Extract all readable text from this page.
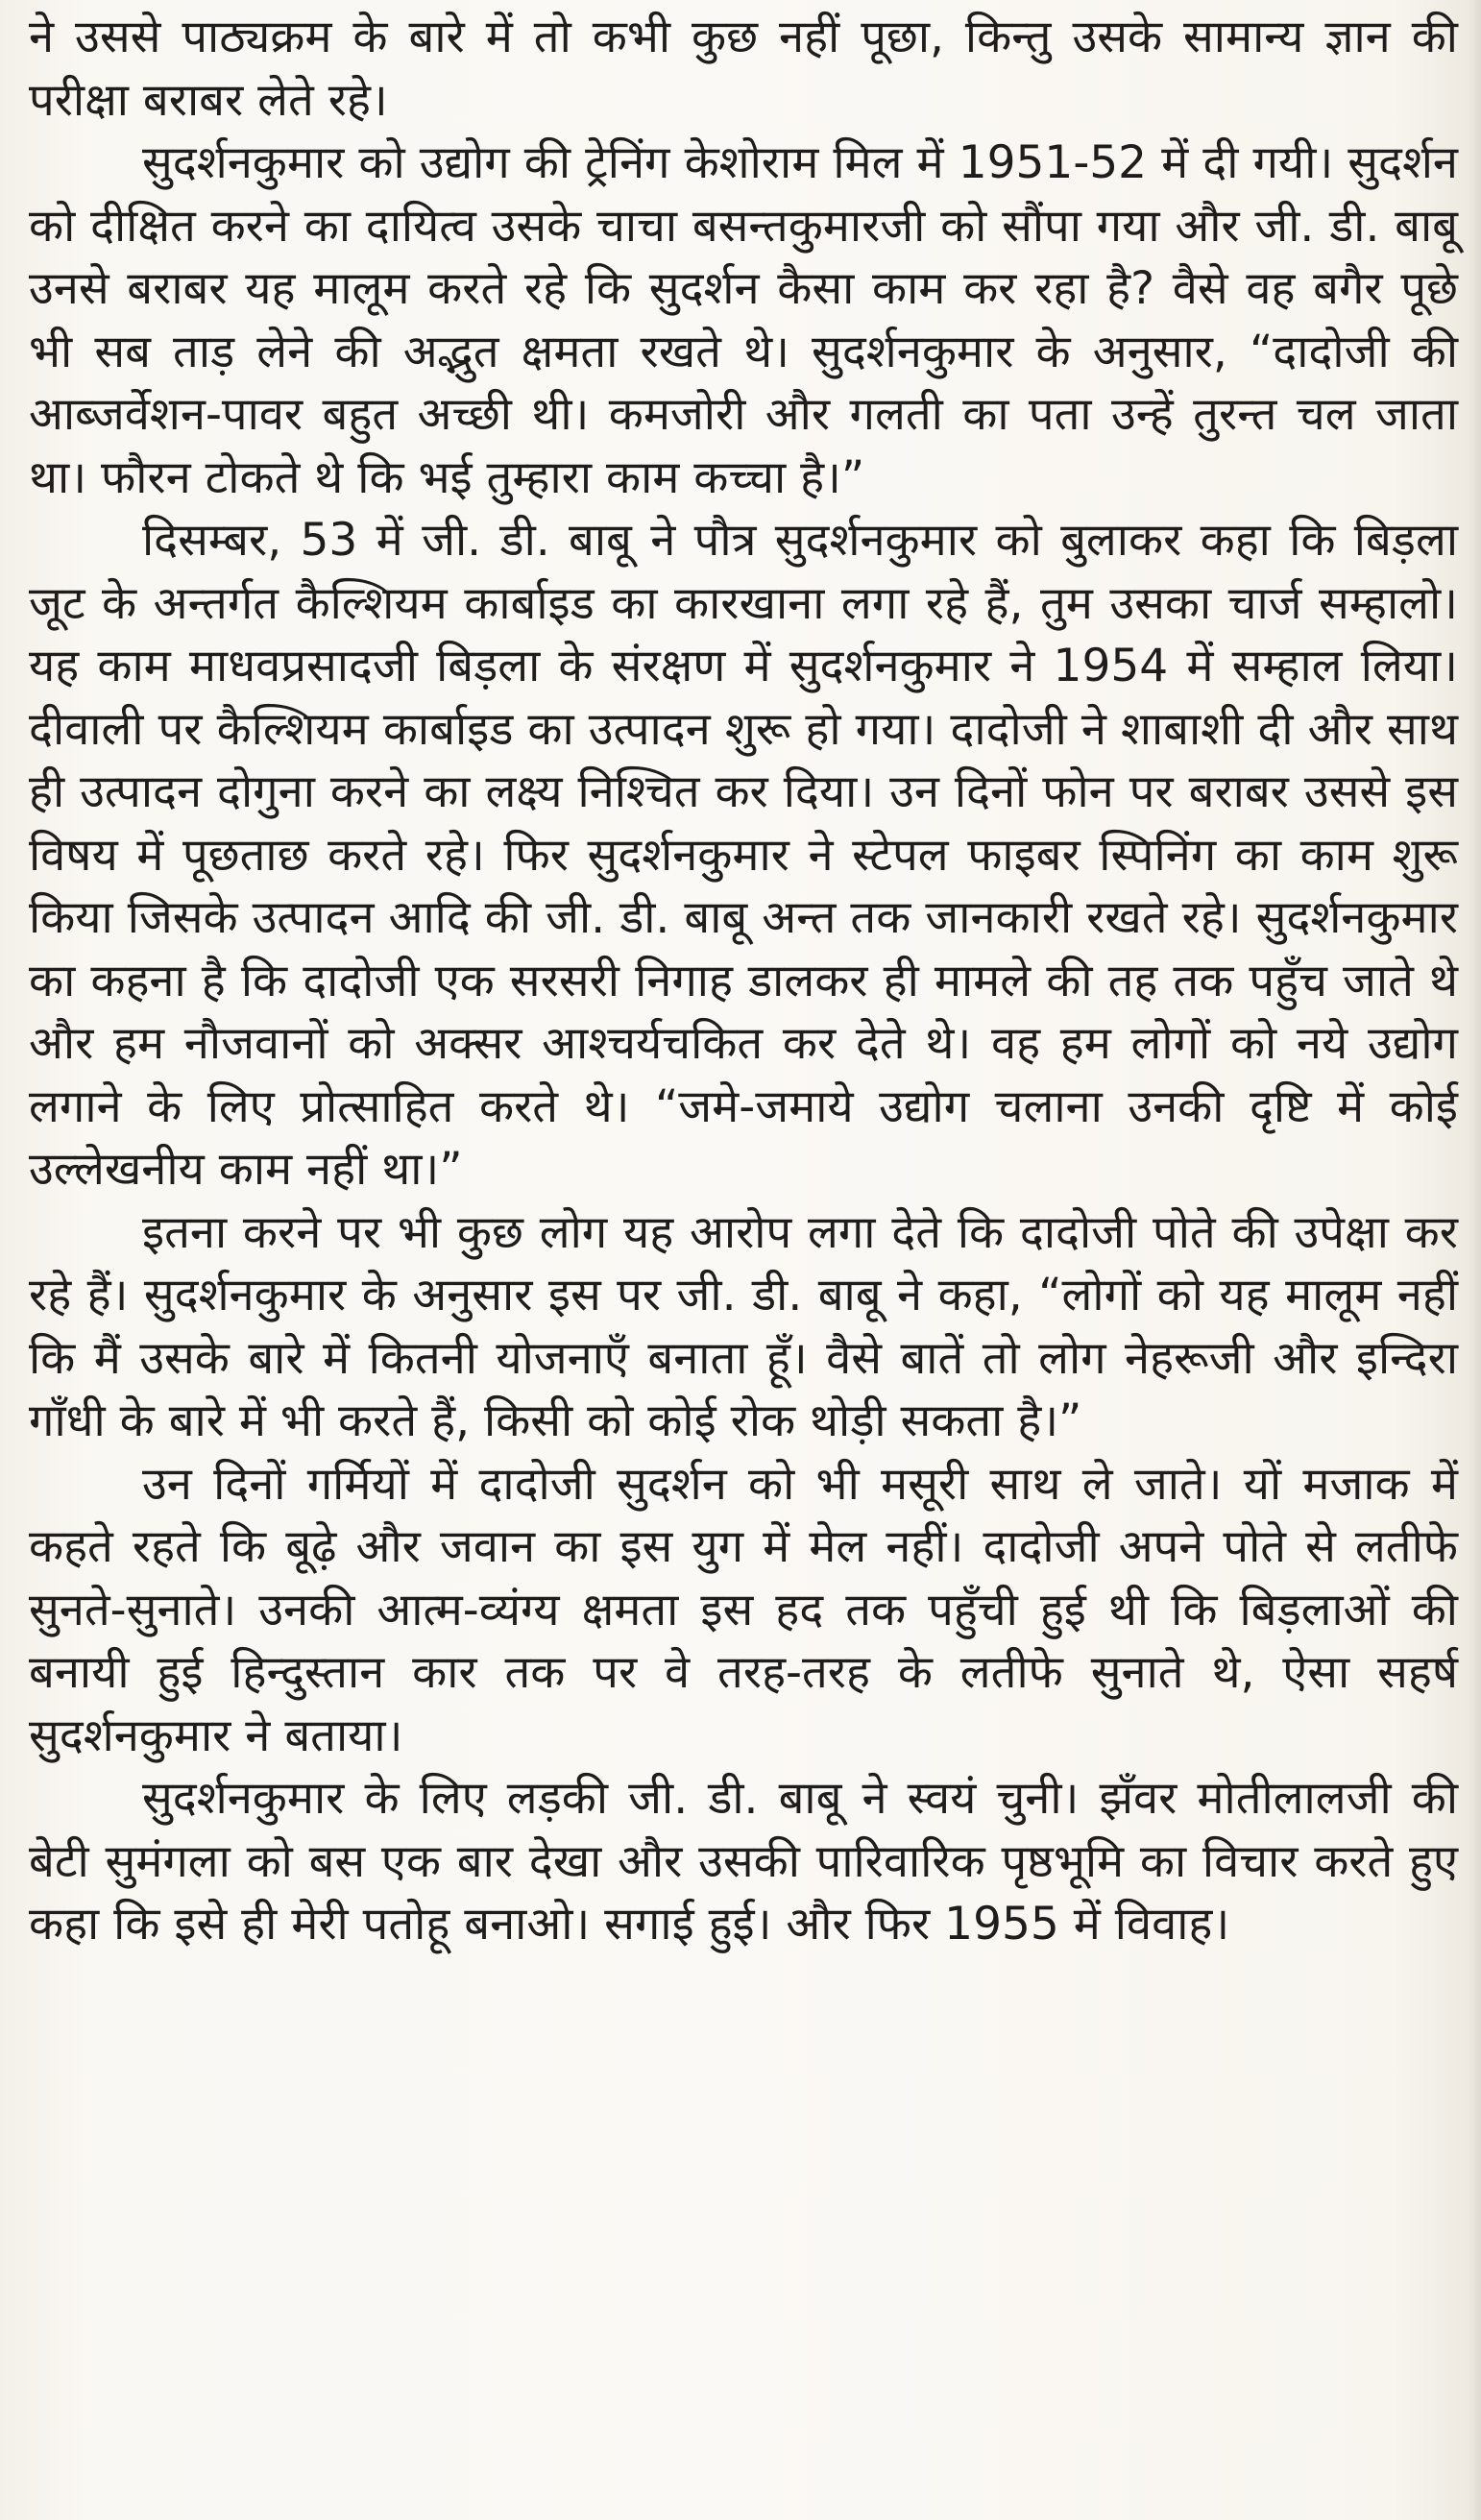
ने उससे पाठ्यक्रम के बारे में तो कभी कुछ नहीं पूछा, किन्तु उसके सामान्य ज्ञान की परीक्षा बराबर लेते रहे।

सुदर्शनकुमार को उद्योग की ट्रेनिंग केशोराम मिल में 1951-52 में दी गयी। सुदर्शन को दीक्षित करने का दायित्व उसके चाचा बसन्तकुमारजी को सौंपा गया और जी. डी. बाबू उनसे बराबर यह मालूम करते रहे कि सुदर्शन कैसा काम कर रहा है? वैसे वह बगैर पूछे भी सब ताड़ लेने की अद्भुत क्षमता रखते थे। सुदर्शनकुमार के अनुसार, “दादोजी की आब्जर्वेशन-पावर बहुत अच्छी थी। कमजोरी और गलती का पता उन्हें तुरन्त चल जाता था। फौरन टोकते थे कि भई तुम्हारा काम कच्चा है।”

दिसम्बर, 53 में जी. डी. बाबू ने पौत्र सुदर्शनकुमार को बुलाकर कहा कि बिड़ला जूट के अन्तर्गत कैल्शियम कार्बाइड का कारखाना लगा रहे हैं, तुम उसका चार्ज सम्हालो। यह काम माधवप्रसादजी बिड़ला के संरक्षण में सुदर्शनकुमार ने 1954 में सम्हाल लिया। दीवाली पर कैल्शियम कार्बाइड का उत्पादन शुरू हो गया। दादोजी ने शाबाशी दी और साथ ही उत्पादन दोगुना करने का लक्ष्य निश्चित कर दिया। उन दिनों फोन पर बराबर उससे इस विषय में पूछताछ करते रहे। फिर सुदर्शनकुमार ने स्टेपल फाइबर स्पिनिंग का काम शुरू किया जिसके उत्पादन आदि की जी. डी. बाबू अन्त तक जानकारी रखते रहे। सुदर्शनकुमार का कहना है कि दादोजी एक सरसरी निगाह डालकर ही मामले की तह तक पहुँच जाते थे और हम नौजवानों को अक्सर आश्चर्यचकित कर देते थे। वह हम लोगों को नये उद्योग लगाने के लिए प्रोत्साहित करते थे। “जमे-जमाये उद्योग चलाना उनकी दृष्टि में कोई उल्लेखनीय काम नहीं था।”

इतना करने पर भी कुछ लोग यह आरोप लगा देते कि दादोजी पोते की उपेक्षा कर रहे हैं। सुदर्शनकुमार के अनुसार इस पर जी. डी. बाबू ने कहा, “लोगों को यह मालूम नहीं कि मैं उसके बारे में कितनी योजनाएँ बनाता हूँ। वैसे बातें तो लोग नेहरूजी और इन्दिरा गाँधी के बारे में भी करते हैं, किसी को कोई रोक थोड़ी सकता है।”

उन दिनों गर्मियों में दादोजी सुदर्शन को भी मसूरी साथ ले जाते। यों मजाक में कहते रहते कि बूढ़े और जवान का इस युग में मेल नहीं। दादोजी अपने पोते से लतीफे सुनते-सुनाते। उनकी आत्म-व्यंग्य क्षमता इस हद तक पहुँची हुई थी कि बिड़लाओं की बनायी हुई हिन्दुस्तान कार तक पर वे तरह-तरह के लतीफे सुनाते थे, ऐसा सहर्ष सुदर्शनकुमार ने बताया।

सुदर्शनकुमार के लिए लड़की जी. डी. बाबू ने स्वयं चुनी। झँवर मोतीलालजी की बेटी सुमंगला को बस एक बार देखा और उसकी पारिवारिक पृष्ठभूमि का विचार करते हुए कहा कि इसे ही मेरी पतोहू बनाओ। सगाई हुई। और फिर 1955 में विवाह।
